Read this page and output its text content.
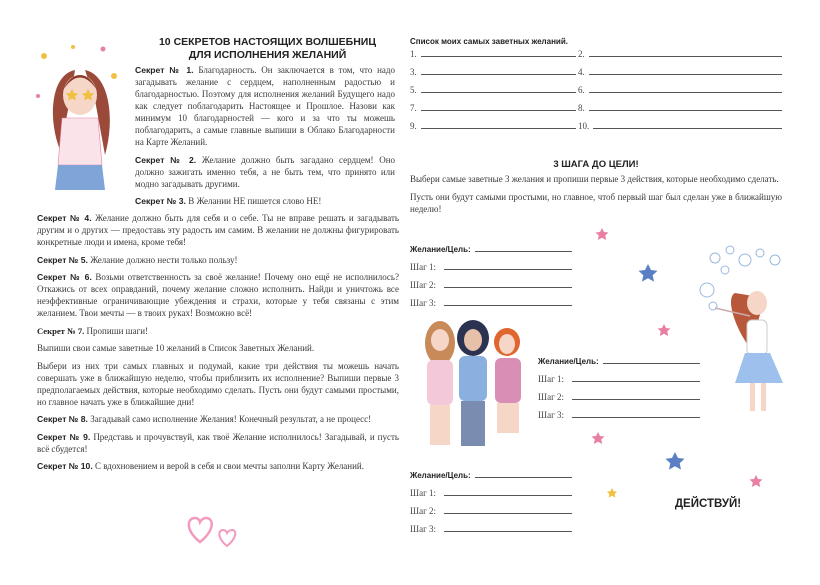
10 СЕКРЕТОВ НАСТОЯЩИХ ВОЛШЕБНИЦ
ДЛЯ ИСПОЛНЕНИЯ ЖЕЛАНИЙ
Секрет № 1. Благодарность. Он заключается в том, что надо загадывать желание с сердцем, наполненным радостью и благодарностью. Поэтому для исполнения желаний Будущего надо как следует поблагодарить Настоящее и Прошлое. Назови как минимум 10 благодарностей — кого и за что ты можешь поблагодарить, а самые главные выпиши в Облако Благодарности на Карте Желаний.
Секрет № 2. Желание должно быть загадано сердцем! Оно должно зажигать именно тебя, а не быть тем, что принято или модно загадывать другими.
Секрет № 3. В Желании НЕ пишется слово НЕ!
Секрет № 4. Желание должно быть для себя и о себе. Ты не вправе решать и загадывать другим и о других — предоставь эту радость им самим. В желании не должны фигурировать конкретные люди и имена, кроме тебя!
Секрет № 5. Желание должно нести только пользу!
Секрет № 6. Возьми ответственность за своё желание! Почему оно ещё не исполнилось? Откажись от всех оправданий, почему желание сложно исполнить. Найди и уничтожь все неэффективные ограничивающие убеждения и страхи, которые у тебя связаны с этим желанием. Твои мечты — в твоих руках! Возможно всё!
Секрет № 7. Пропиши шаги!
Выпиши свои самые заветные 10 желаний в Список Заветных Желаний.
Выбери из них три самых главных и подумай, какие три действия ты можешь начать совершать уже в ближайшую неделю, чтобы приблизить их исполнение? Выпиши первые 3 предполагаемых действия, которые необходимо сделать. Пусть они будут самыми простыми, но главное начать уже в ближайшие дни!
Секрет № 8. Загадывай само исполнение Желания! Конечный результат, а не процесс!
Секрет № 9. Представь и прочувствуй, как твоё Желание исполнилось! Загадывай, и пусть всё сбудется!
Секрет № 10. С вдохновением и верой в себя и свои мечты заполни Карту Желаний.
Список моих самых заветных желаний.
1.	2.
3.	4.
5.	6.
7.	8.
9.	10.
3 ШАГА ДО ЦЕЛИ!
Выбери самые заветные 3 желания и пропиши первые 3 действия, которые необходимо сделать.
Пусть они будут самыми простыми, но главное, чтоб первый шаг был сделан уже в ближайшую неделю!
Желание/Цель:
Шаг 1:
Шаг 2:
Шаг 3:
Желание/Цель:
Шаг 1:
Шаг 2:
Шаг 3:
Желание/Цель:
Шаг 1:
Шаг 2:
Шаг 3:
ДЕЙСТВУЙ!
